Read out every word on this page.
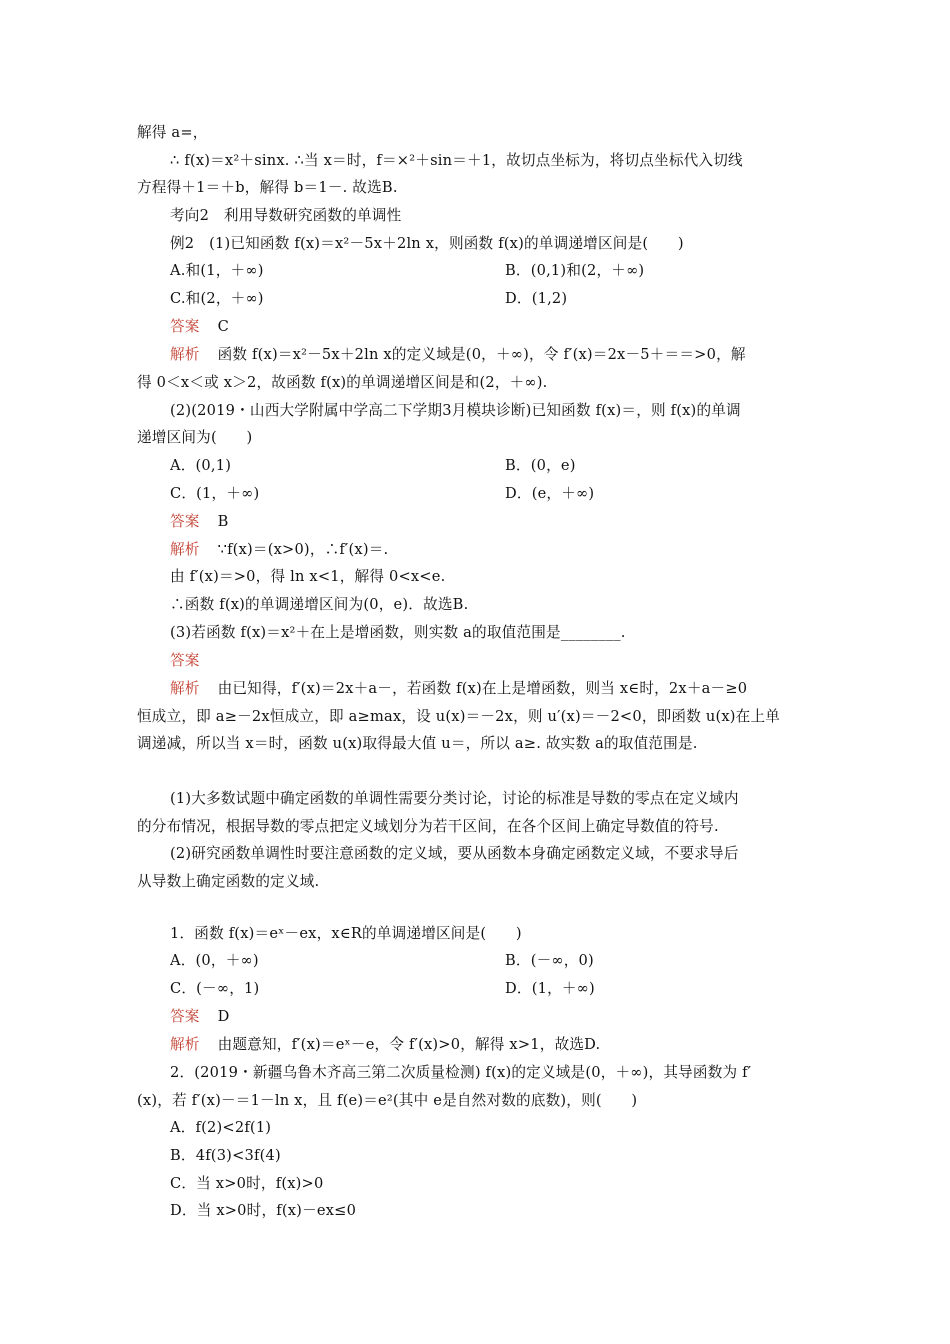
解得 a=，
∴ f(x)＝x²＋sinx. ∴当 x＝时，f＝×²＋sin＝＋1，故切点坐标为，将切点坐标代入切线
方程得＋1＝＋b，解得 b＝1－. 故选B.
考向2　利用导数研究函数的单调性
例2　(1)已知函数 f(x)＝x²－5x＋2ln x，则函数 f(x)的单调递增区间是(　　)
A.和(1，＋∞)	B．(0,1)和(2，＋∞)
C.和(2，＋∞)	D．(1,2)
答案 C
解析 函数 f(x)＝x²－5x＋2ln x的定义域是(0，＋∞)，令 f′(x)＝2x－5＋＝＝>0，解
得 0＜x＜或 x＞2，故函数 f(x)的单调递增区间是和(2，＋∞).
(2)(2019・山西大学附属中学高二下学期3月模块诊断)已知函数 f(x)＝，则 f(x)的单调
递增区间为(　　)
A．(0,1)	B．(0，e)
C．(1，＋∞)	D．(e，＋∞)
答案 B
解析 ∵f(x)＝(x>0)，∴f′(x)＝.
由 f′(x)＝>0，得 ln x<1，解得 0<x<e.
∴函数 f(x)的单调递增区间为(0，e)．故选B.
(3)若函数 f(x)＝x²＋在上是增函数，则实数 a的取值范围是________.
答案
解析 由已知得，f′(x)＝2x＋a－，若函数 f(x)在上是增函数，则当 x∈时，2x＋a－≥0
恒成立，即 a≥－2x恒成立，即 a≥max，设 u(x)＝－2x，则 u′(x)＝－2<0，即函数 u(x)在上单
调递减，所以当 x＝时，函数 u(x)取得最大值 u＝，所以 a≥. 故实数 a的取值范围是.
(1)大多数试题中确定函数的单调性需要分类讨论，讨论的标准是导数的零点在定义域内
的分布情况，根据导数的零点把定义域划分为若干区间，在各个区间上确定导数值的符号.
(2)研究函数单调性时要注意函数的定义域，要从函数本身确定函数定义域，不要求导后
从导数上确定函数的定义域.
1．函数 f(x)＝eˣ－ex，x∈R的单调递增区间是(　　)
A．(0，＋∞)	B．(－∞，0)
C．(－∞，1)	D．(1，＋∞)
答案 D
解析 由题意知，f′(x)＝eˣ－e，令 f′(x)>0，解得 x>1，故选D.
2．(2019・新疆乌鲁木齐高三第二次质量检测) f(x)的定义域是(0，＋∞)，其导函数为 f′
(x)，若 f′(x)－＝1－ln x，且 f(e)＝e²(其中 e是自然对数的底数)，则(　　)
A．f(2)<2f(1)
B．4f(3)<3f(4)
C．当 x>0时，f(x)>0
D．当 x>0时，f(x)－ex≤0
